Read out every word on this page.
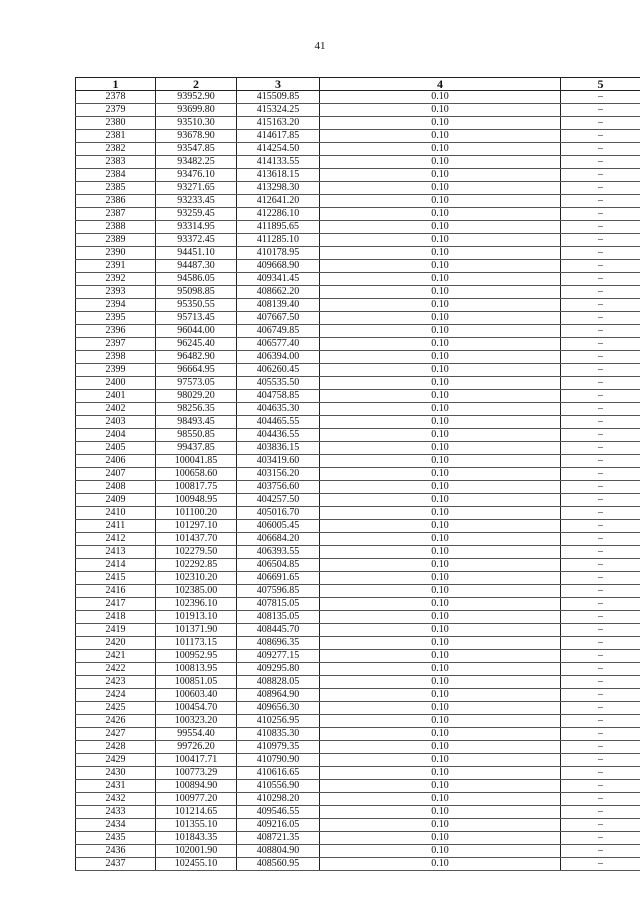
41
1	2	3	4	5
2378	93952.90	415509.85	0.10	–
2379	93699.80	415324.25	0.10	–
2380	93510.30	415163.20	0.10	–
2381	93678.90	414617.85	0.10	–
2382	93547.85	414254.50	0.10	–
2383	93482.25	414133.55	0.10	–
2384	93476.10	413618.15	0.10	–
2385	93271.65	413298.30	0.10	–
2386	93233.45	412641.20	0.10	–
2387	93259.45	412286.10	0.10	–
2388	93314.95	411895.65	0.10	–
2389	93372.45	411285.10	0.10	–
2390	94451.10	410178.95	0.10	–
2391	94487.30	409668.90	0.10	–
2392	94586.05	409341.45	0.10	–
2393	95098.85	408662.20	0.10	–
2394	95350.55	408139.40	0.10	–
2395	95713.45	407667.50	0.10	–
2396	96044.00	406749.85	0.10	–
2397	96245.40	406577.40	0.10	–
2398	96482.90	406394.00	0.10	–
2399	96664.95	406260.45	0.10	–
2400	97573.05	405535.50	0.10	–
2401	98029.20	404758.85	0.10	–
2402	98256.35	404635.30	0.10	–
2403	98493.45	404465.55	0.10	–
2404	98550.85	404436.55	0.10	–
2405	99437.85	403836.15	0.10	–
2406	100041.85	403419.60	0.10	–
2407	100658.60	403156.20	0.10	–
2408	100817.75	403756.60	0.10	–
2409	100948.95	404257.50	0.10	–
2410	101100.20	405016.70	0.10	–
2411	101297.10	406005.45	0.10	–
2412	101437.70	406684.20	0.10	–
2413	102279.50	406393.55	0.10	–
2414	102292.85	406504.85	0.10	–
2415	102310.20	406691.65	0.10	–
2416	102385.00	407596.85	0.10	–
2417	102396.10	407815.05	0.10	–
2418	101913.10	408135.05	0.10	–
2419	101371.90	408445.70	0.10	–
2420	101173.15	408696.35	0.10	–
2421	100952.95	409277.15	0.10	–
2422	100813.95	409295.80	0.10	–
2423	100851.05	408828.05	0.10	–
2424	100603.40	408964.90	0.10	–
2425	100454.70	409656.30	0.10	–
2426	100323.20	410256.95	0.10	–
2427	99554.40	410835.30	0.10	–
2428	99726.20	410979.35	0.10	–
2429	100417.71	410790.90	0.10	–
2430	100773.29	410616.65	0.10	–
2431	100894.90	410556.90	0.10	–
2432	100977.20	410298.20	0.10	–
2433	101214.65	409546.55	0.10	–
2434	101355.10	409216.05	0.10	–
2435	101843.35	408721.35	0.10	–
2436	102001.90	408804.90	0.10	–
2437	102455.10	408560.95	0.10	–
